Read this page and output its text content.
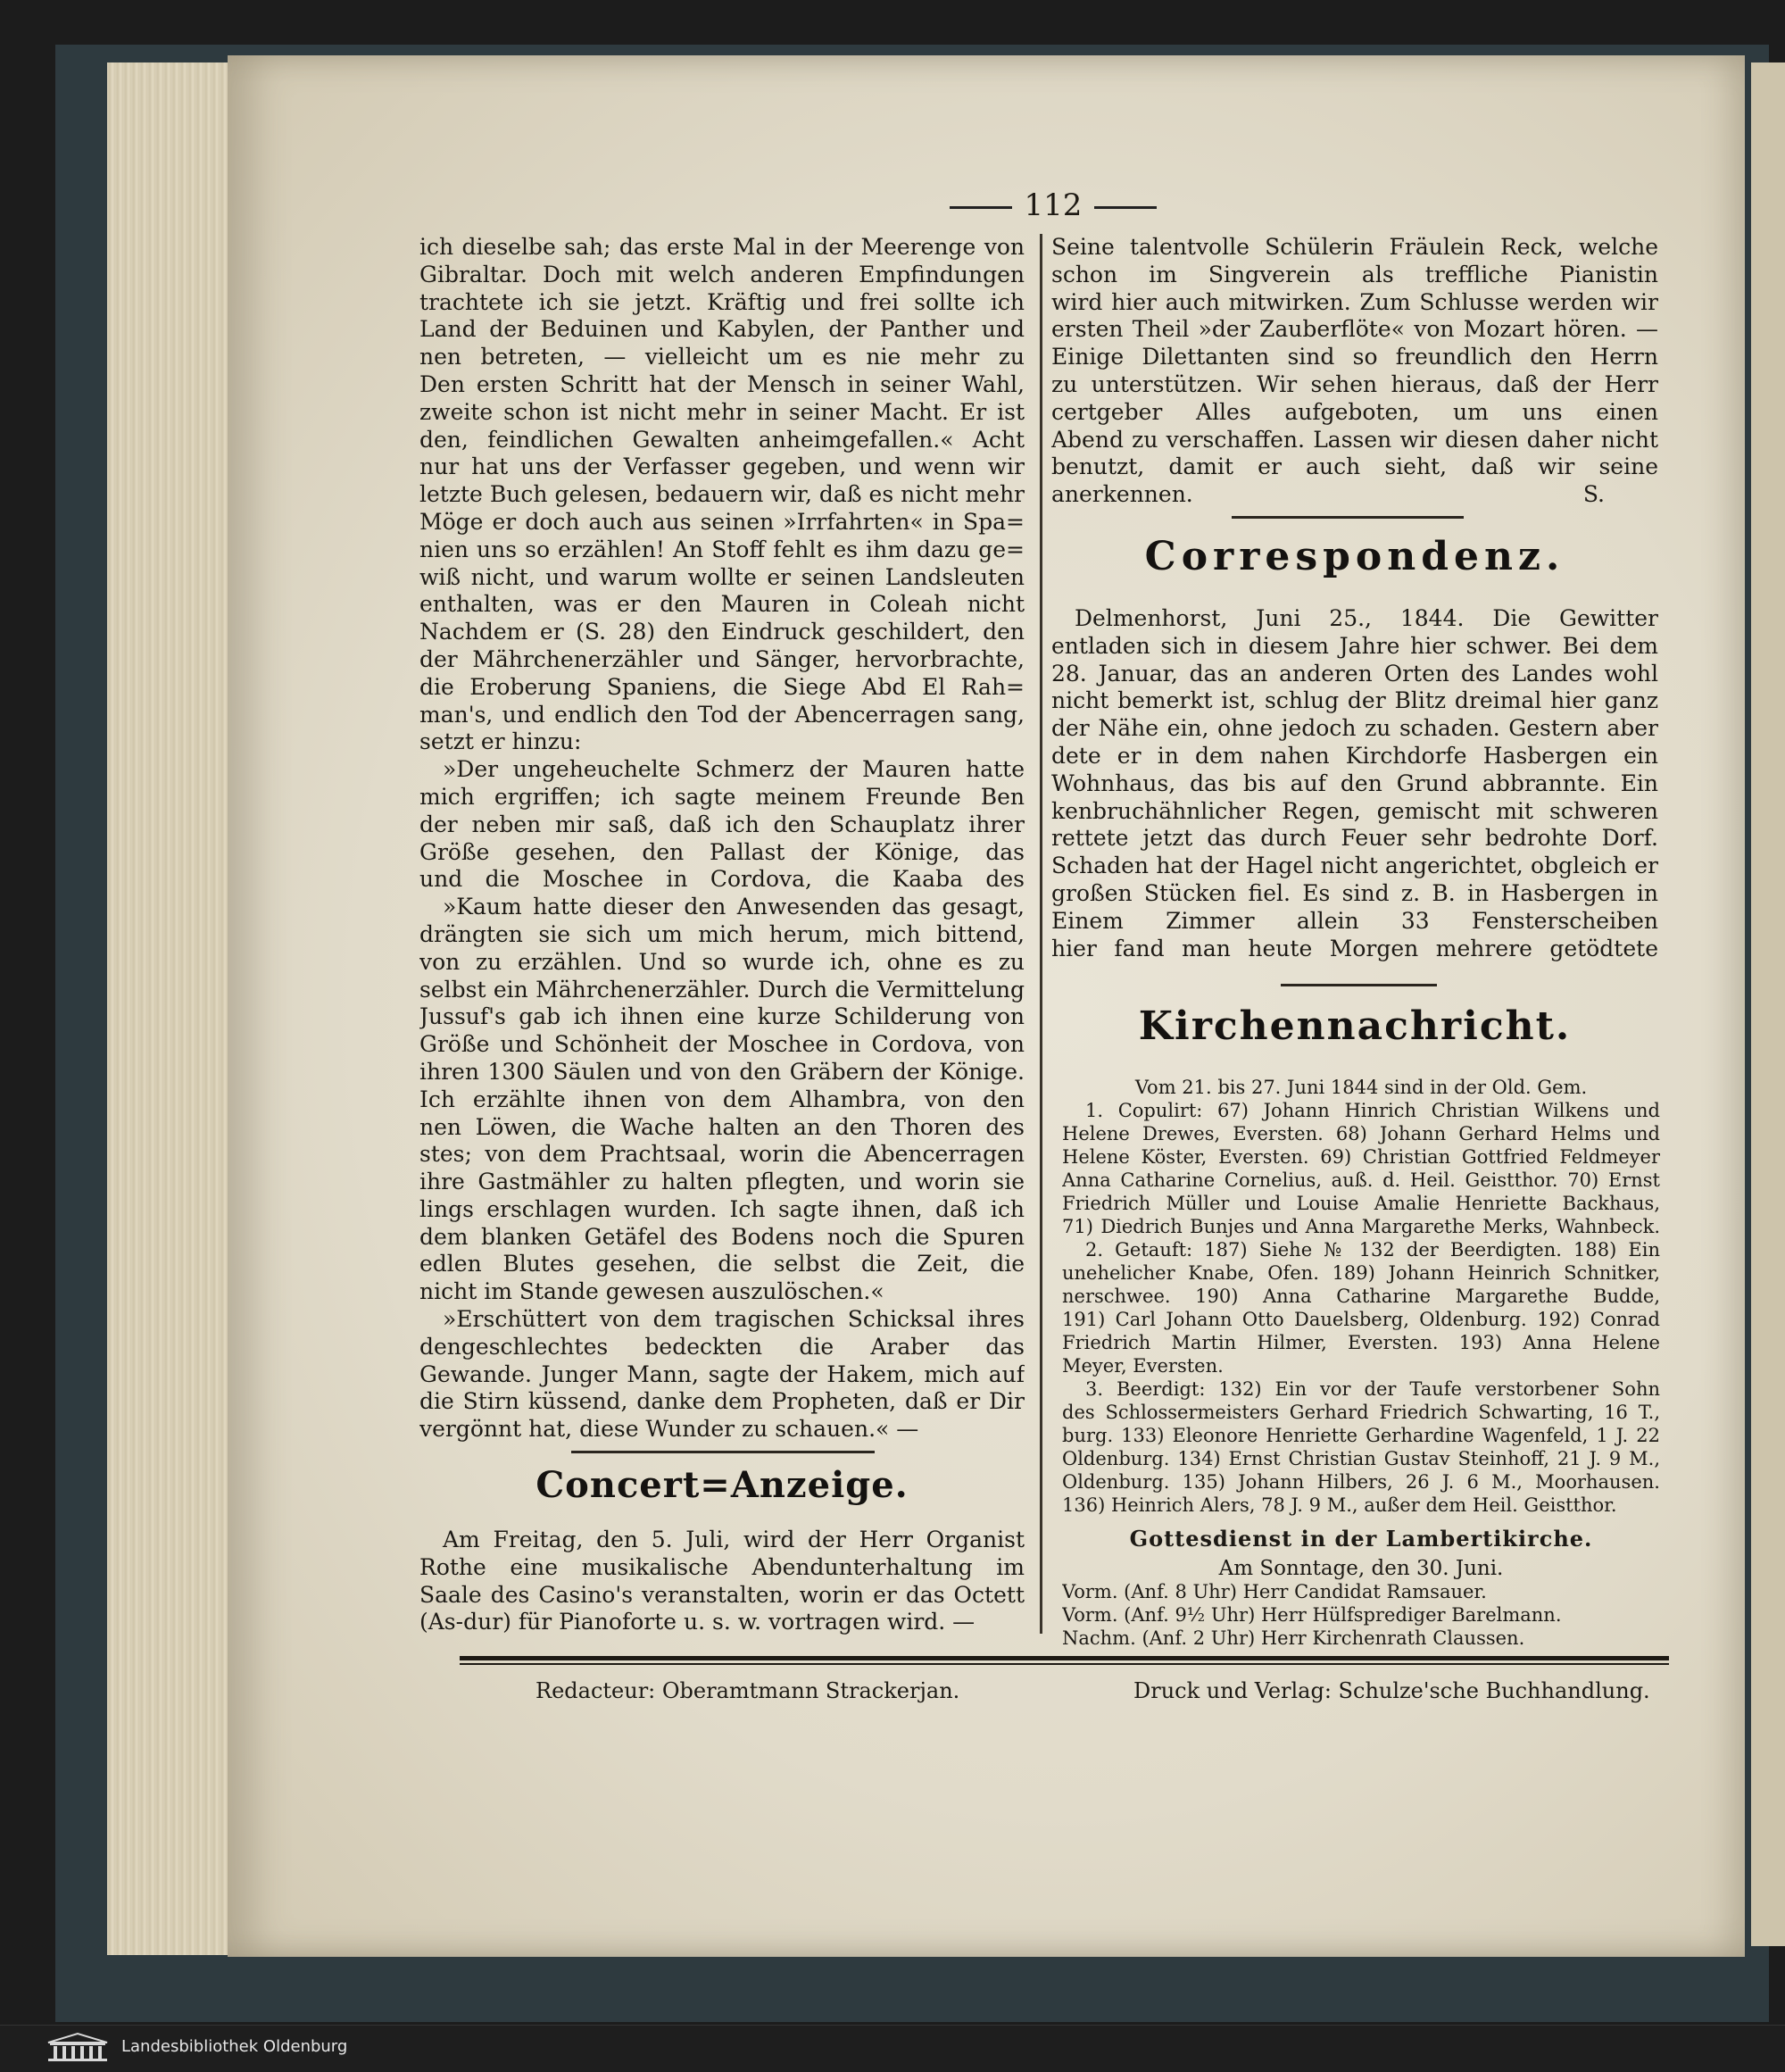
112
ich dieselbe sah; das erste Mal in der Meerenge von
Gibraltar. Doch mit welch anderen Empfindungen
trachtete ich sie jetzt. Kräftig und frei sollte ich
Land der Beduinen und Kabylen, der Panther und
nen betreten, — vielleicht um es nie mehr zu
Den ersten Schritt hat der Mensch in seiner Wahl,
zweite schon ist nicht mehr in seiner Macht. Er ist
den, feindlichen Gewalten anheimgefallen.« Acht
nur hat uns der Verfasser gegeben, und wenn wir
letzte Buch gelesen, bedauern wir, daß es nicht mehr
Möge er doch auch aus seinen »Irrfahrten« in Spa=
nien uns so erzählen! An Stoff fehlt es ihm dazu ge=
wiß nicht, und warum wollte er seinen Landsleuten
enthalten, was er den Mauren in Coleah nicht
Nachdem er (S. 28) den Eindruck geschildert, den
der Mährchenerzähler und Sänger, hervorbrachte,
die Eroberung Spaniens, die Siege Abd El Rah=
man's, und endlich den Tod der Abencerragen sang,
setzt er hinzu:
»Der ungeheuchelte Schmerz der Mauren hatte
mich ergriffen; ich sagte meinem Freunde Ben
der neben mir saß, daß ich den Schauplatz ihrer
Größe gesehen, den Pallast der Könige, das
und die Moschee in Cordova, die Kaaba des
»Kaum hatte dieser den Anwesenden das gesagt,
drängten sie sich um mich herum, mich bittend,
von zu erzählen. Und so wurde ich, ohne es zu
selbst ein Mährchenerzähler. Durch die Vermittelung
Jussuf's gab ich ihnen eine kurze Schilderung von
Größe und Schönheit der Moschee in Cordova, von
ihren 1300 Säulen und von den Gräbern der Könige.
Ich erzählte ihnen von dem Alhambra, von den
nen Löwen, die Wache halten an den Thoren des
stes; von dem Prachtsaal, worin die Abencerragen
ihre Gastmähler zu halten pflegten, und worin sie
lings erschlagen wurden. Ich sagte ihnen, daß ich
dem blanken Getäfel des Bodens noch die Spuren
edlen Blutes gesehen, die selbst die Zeit, die
nicht im Stande gewesen auszulöschen.«
»Erschüttert von dem tragischen Schicksal ihres
dengeschlechtes bedeckten die Araber das
Gewande. Junger Mann, sagte der Hakem, mich auf
die Stirn küssend, danke dem Propheten, daß er Dir
vergönnt hat, diese Wunder zu schauen.« —
Concert=Anzeige.
Am Freitag, den 5. Juli, wird der Herr Organist
Rothe eine musikalische Abendunterhaltung im
Saale des Casino's veranstalten, worin er das Octett
(As-dur) für Pianoforte u. s. w. vortragen wird. —
Seine talentvolle Schülerin Fräulein Reck, welche
schon im Singverein als treffliche Pianistin
wird hier auch mitwirken. Zum Schlusse werden wir
ersten Theil »der Zauberflöte« von Mozart hören. —
Einige Dilettanten sind so freundlich den Herrn
zu unterstützen. Wir sehen hieraus, daß der Herr
certgeber Alles aufgeboten, um uns einen
Abend zu verschaffen. Lassen wir diesen daher nicht
benutzt, damit er auch sieht, daß wir seine
anerkennen.	S.
Correspondenz.
Delmenhorst, Juni 25., 1844. Die Gewitter
entladen sich in diesem Jahre hier schwer. Bei dem
28. Januar, das an anderen Orten des Landes wohl
nicht bemerkt ist, schlug der Blitz dreimal hier ganz
der Nähe ein, ohne jedoch zu schaden. Gestern aber
dete er in dem nahen Kirchdorfe Hasbergen ein
Wohnhaus, das bis auf den Grund abbrannte. Ein
kenbruchähnlicher Regen, gemischt mit schweren
rettete jetzt das durch Feuer sehr bedrohte Dorf.
Schaden hat der Hagel nicht angerichtet, obgleich er
großen Stücken fiel. Es sind z. B. in Hasbergen in
Einem Zimmer allein 33 Fensterscheiben
hier fand man heute Morgen mehrere getödtete
Kirchennachricht.
Vom 21. bis 27. Juni 1844 sind in der Old. Gem.
1. Copulirt: 67) Johann Hinrich Christian Wilkens und
Helene Drewes, Eversten. 68) Johann Gerhard Helms und
Helene Köster, Eversten. 69) Christian Gottfried Feldmeyer
Anna Catharine Cornelius, auß. d. Heil. Geistthor. 70) Ernst
Friedrich Müller und Louise Amalie Henriette Backhaus,
71) Diedrich Bunjes und Anna Margarethe Merks, Wahnbeck.
2. Getauft: 187) Siehe № 132 der Beerdigten. 188) Ein
unehelicher Knabe, Ofen. 189) Johann Heinrich Schnitker,
nerschwee. 190) Anna Catharine Margarethe Budde,
191) Carl Johann Otto Dauelsberg, Oldenburg. 192) Conrad
Friedrich Martin Hilmer, Eversten. 193) Anna Helene
Meyer, Eversten.
3. Beerdigt: 132) Ein vor der Taufe verstorbener Sohn
des Schlossermeisters Gerhard Friedrich Schwarting, 16 T.,
burg. 133) Eleonore Henriette Gerhardine Wagenfeld, 1 J. 22
Oldenburg. 134) Ernst Christian Gustav Steinhoff, 21 J. 9 M.,
Oldenburg. 135) Johann Hilbers, 26 J. 6 M., Moorhausen.
136) Heinrich Alers, 78 J. 9 M., außer dem Heil. Geistthor.
Gottesdienst in der Lambertikirche.
Am Sonntage, den 30. Juni.
Vorm. (Anf. 8 Uhr) Herr Candidat Ramsauer.
Vorm. (Anf. 9½ Uhr) Herr Hülfsprediger Barelmann.
Nachm. (Anf. 2 Uhr) Herr Kirchenrath Claussen.
Redacteur: Oberamtmann Strackerjan.	Druck und Verlag: Schulze'sche Buchhandlung.
Landesbibliothek Oldenburg
